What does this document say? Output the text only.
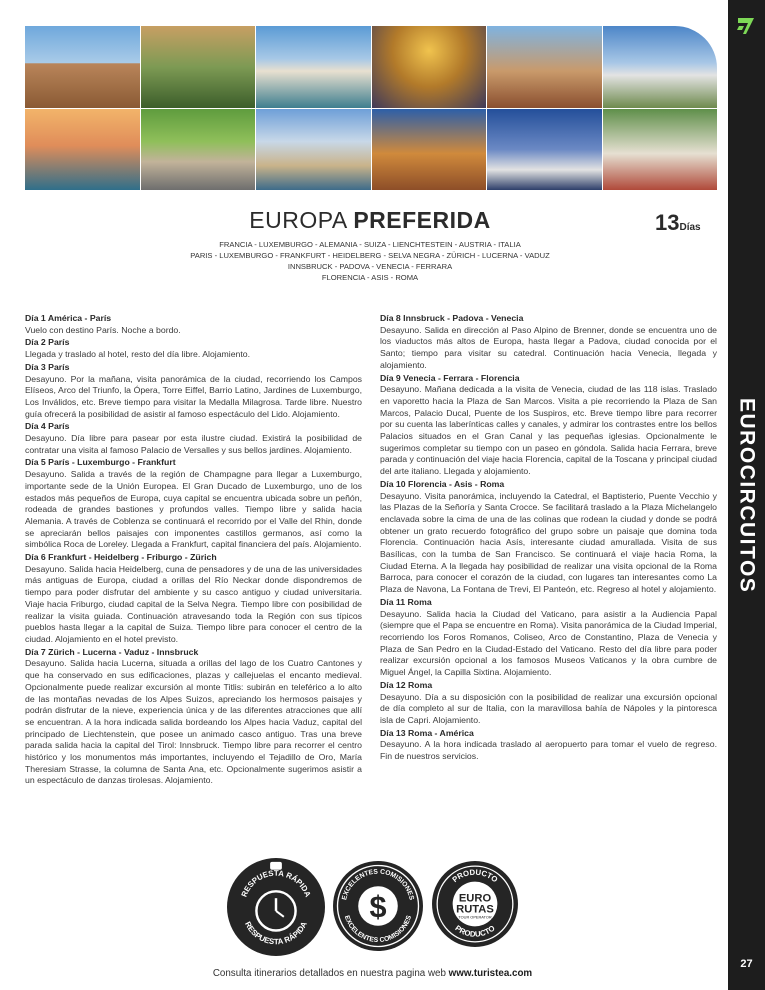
EUROCIRCUITOS
27
EUROPA PREFERIDA	13Días
FRANCIA - LUXEMBURGO - ALEMANIA - SUIZA - LIENCHTESTEIN - AUSTRIA - ITALIA
PARIS - LUXEMBURGO - FRANKFURT - HEIDELBERG - SELVA NEGRA - ZÜRICH - LUCERNA - VADUZ
INNSBRUCK - PADOVA - VENECIA - FERRARA
FLORENCIA - ASIS - ROMA
Día 1 América - París
Vuelo con destino París. Noche a bordo.
Día 2 París
Llegada y traslado al hotel, resto del día libre. Alojamiento.
Día 3 París
Desayuno. Por la mañana, visita panorámica de la ciudad, recorriendo los Campos Elíseos, Arco del Triunfo, la Ópera, Torre Eiffel, Barrio Latino, Jardines de Luxemburgo, Los Inválidos, etc. Breve tiempo para visitar la Medalla Milagrosa. Tarde libre. Nuestro guía ofrecerá la posibilidad de asistir al famoso espectáculo del Lido. Alojamiento.
Día 4 París
Desayuno. Día libre para pasear por esta ilustre ciudad. Existirá la posibilidad de contratar una visita al famoso Palacio de Versalles y sus bellos jardines. Alojamiento.
Día 5 París - Luxemburgo - Frankfurt
Desayuno. Salida a través de la región de Champagne para llegar a Luxemburgo, importante sede de la Unión Europea. El Gran Ducado de Luxemburgo, uno de los estados más pequeños de Europa, cuya capital se encuentra ubicada sobre un peñón, rodeada de grandes bastiones y profundos valles. Tiempo libre y salida hacia Alemania. A través de Coblenza se continuará el recorrido por el Valle del Rhin, donde se apreciarán bellos paisajes con imponentes castillos germanos, así como la simbólica Roca de Loreley. Llegada a Frankfurt, capital financiera del país. Alojamiento.
Día 6 Frankfurt - Heidelberg - Friburgo - Zürich
Desayuno. Salida hacia Heidelberg, cuna de pensadores y de una de las universidades más antiguas de Europa, ciudad a orillas del Río Neckar donde dispondremos de tiempo para poder disfrutar del ambiente y su casco antiguo y ciudad universitaria. Viaje hacia Friburgo, ciudad capital de la Selva Negra. Tiempo libre con posibilidad de realizar la visita guiada. Continuación atravesando toda la Región con sus típicos pueblos hasta llegar a la capital de Suiza. Tiempo libre para conocer el centro de la ciudad. Alojamiento en el hotel previsto.
Día 7 Zürich - Lucerna - Vaduz - Innsbruck
Desayuno. Salida hacia Lucerna, situada a orillas del lago de los Cuatro Cantones y que ha conservado en sus edificaciones, plazas y callejuelas el encanto medieval. Opcionalmente puede realizar excursión al monte Titlis: subirán en teleférico a lo alto de las montañas nevadas de los Alpes Suizos, apreciando los hermosos paisajes y podrán disfrutar de la nieve, experiencia única y de las diferentes atracciones que allí se encuentran. A la hora indicada salida bordeando los Alpes hacia Vaduz, capital del principado de Liechtenstein, que posee un animado casco antiguo. Tras una breve parada salida hacia la capital del Tirol: Innsbruck. Tiempo libre para recorrer el centro histórico y los monumentos más importantes, incluyendo el Tejadillo de Oro, María Theresiam Strasse, la columna de Santa Ana, etc. Opcionalmente sugerimos asistir a un espectáculo de danzas tirolesas. Alojamiento.
Día 8 Innsbruck - Padova - Venecia
Desayuno. Salida en dirección al Paso Alpino de Brenner, donde se encuentra uno de los viaductos más altos de Europa, hasta llegar a Padova, ciudad conocida por el Santo; tiempo para visitar su catedral. Continuación hacia Venecia, llegada y alojamiento.
Día 9 Venecia - Ferrara - Florencia
Desayuno. Mañana dedicada a la visita de Venecia, ciudad de las 118 islas. Traslado en vaporetto hacia la Plaza de San Marcos. Visita a pie recorriendo la Plaza de San Marcos, Palacio Ducal, Puente de los Suspiros, etc. Breve tiempo libre para recorrer por su cuenta las laberínticas calles y canales, y admirar los contrastes entre los bellos Palacios situados en el Gran Canal y las pequeñas iglesias. Opcionalmente le sugerimos completar su tiempo con un paseo en góndola. Salida hacia Ferrara, breve parada y continuación del viaje hacia Florencia, capital de la Toscana y principal ciudad del arte italiano. Llegada y alojamiento.
Día 10 Florencia - Asis - Roma
Desayuno. Visita panorámica, incluyendo la Catedral, el Baptisterio, Puente Vecchio y las Plazas de la Señoría y Santa Crocce. Se facilitará traslado a la Plaza Michelangelo enclavada sobre la cima de una de las colinas que rodean la ciudad y donde se podrá obtener un grato recuerdo fotográfico del grupo sobre un paisaje que domina toda Florencia. Continuación hacia Asís, interesante ciudad amurallada. Visita de sus Basílicas, con la tumba de San Francisco. Se continuará el viaje hacia Roma, la Ciudad Eterna. A la llegada hay posibilidad de realizar una visita opcional de la Roma Barroca, para conocer el corazón de la ciudad, con lugares tan interesantes como La Plaza de Navona, La Fontana de Trevi, El Panteón, etc. Regreso al hotel y alojamiento.
Día 11 Roma
Desayuno. Salida hacia la Ciudad del Vaticano, para asistir a la Audiencia Papal (siempre que el Papa se encuentre en Roma). Visita panorámica de la Ciudad Imperial, recorriendo los Foros Romanos, Coliseo, Arco de Constantino, Plaza de Venecia y Plaza de San Pedro en la Ciudad-Estado del Vaticano. Resto del día libre para poder realizar excursión opcional a los famosos Museos Vaticanos y la obra cumbre de Miguel Ángel, la Capilla Sixtina. Alojamiento.
Día 12 Roma
Desayuno. Día a su disposición con la posibilidad de realizar una excursión opcional de día completo al sur de Italia, con la maravillosa bahía de Nápoles y la pintoresca isla de Capri. Alojamiento.
Día 13 Roma - América
Desayuno. A la hora indicada traslado al aeropuerto para tomar el vuelo de regreso. Fin de nuestros servicios.
RESPUESTA RÁPIDA
RESPUESTA RÁPIDA
EXCELENTES COMISIONES
$
EXCELENTES COMISIONES
PRODUCTO
EURO
RUTAS
TOUR OPERATOR
PRODUCTO
Consulta itinerarios detallados en nuestra pagina web www.turistea.com
